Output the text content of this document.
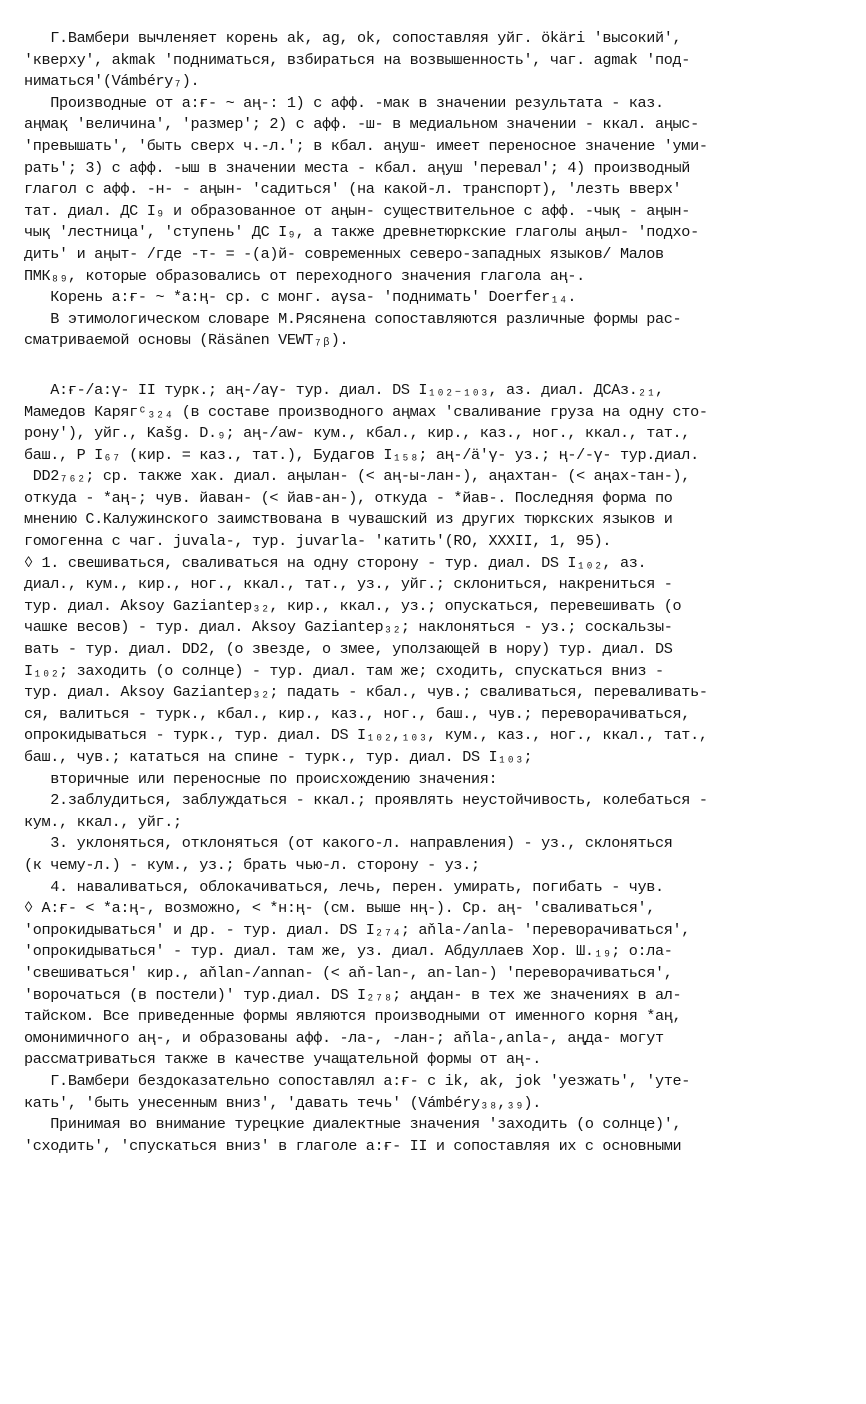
Г.Вамбери вычленяет корень ak, ag, ok, сопоставляя уйг. ökäri 'высокий',
'кверху', akmak 'подниматься, взбираться на возвышенность', чаг. agmak 'под-
ниматься'(Vámbéry₇).
Производные от а:ғ- ~ аң-: 1) с афф. -мак в значении результата - каз.
аңмақ 'величина', 'размер'; 2) с афф. -ш- в медиальном значении - ккал. аңыс-
'превышать', 'быть сверх ч.-л.'; в кбал. аңуш- имеет переносное значение 'уми-
рать'; 3) с афф. -ыш в значении места - кбал. аңуш 'перевал'; 4) производный
глагол с афф. -н- - аңын- 'садиться' (на какой-л. транспорт), 'лезть вверх'
тат. диал. ДС I₉ и образованное от аңын- существительное с афф. -чық - аңын-
чық 'лестница', 'ступень' ДС I₉, а также древнетюркские глаголы аңыл- 'подхо-
дить' и аңыт- /где -т- = -(а)й- современных северо-западных языков/ Малов
ПМК₈₉, которые образовались от переходного значения глагола аң-.
Корень а:ғ- ~ *а:ң- ср. с монг. aγsa- 'поднимать' Doerfer₁₄.
В этимологическом словаре М.Рясянена сопоставляются различные формы рас-
сматриваемой основы (Räsänen VEWT₇ᵦ).
А:ғ-/а:γ- II турк.; аң-/аγ- тур. диал. DS I₁₀₂₋₁₀₃, аз. диал. ДСАз.₂₁,
Мамедов Карягᶜ₃₂₄ (в составе производного аңмах 'сваливание груза на одну сто-
рону'), уйг., Kašg. D.₉; аң-/aw- кум., кбал., кир., каз., ног., ккал., тат.,
баш., Р I₆₇ (кир. = каз., тат.), Будагов I₁₅₈; аң-/ä'γ- уз.; ң-/-γ- тур.диал.
DD2₇₆₂; ср. также хак. диал. аңылан- (< аң-ы-лан-), аңахтан- (< аңах-тан-),
откуда - *аң-; чув. йаван- (< йав-ан-), откуда - *йав-. Последняя форма по
мнению С.Калужинского заимствована в чувашский из других тюркских языков и
гомогенна с чаг. juvala-, тур. juvarla- 'катить'(RO, XXXII, 1, 95).
◊ 1. свешиваться, сваливаться на одну сторону - тур. диал. DS I₁₀₂, аз.
диал., кум., кир., ног., ккал., тат., уз., уйг.; склониться, накрениться -
тур. диал. Aksoy Gaziantep₃₂, кир., ккал., уз.; опускаться, перевешивать (о
чашке весов) - тур. диал. Aksoy Gaziantep₃₂; наклоняться - уз.; соскальзы-
вать - тур. диал. DD2, (о звезде, о змее, уползающей в нору) тур. диал. DS
I₁₀₂; заходить (о солнце) - тур. диал. там же; сходить, спускаться вниз -
тур. диал. Aksoy Gaziantep₃₂; падать - кбал., чув.; сваливаться, переваливать-
ся, валиться - турк., кбал., кир., каз., ног., баш., чув.; переворачиваться,
опрокидываться - турк., тур. диал. DS I₁₀₂,₁₀₃, кум., каз., ног., ккал., тат.,
баш., чув.; кататься на спине - турк., тур. диал. DS I₁₀₃;
вторичные или переносные по происхождению значения:
2.заблудиться, заблуждаться - ккал.; проявлять неустойчивость, колебаться -
кум., ккал., уйг.;
3. уклоняться, отклоняться (от какого-л. направления) - уз., склоняться
(к чему-л.) - кум., уз.; брать чью-л. сторону - уз.;
4. наваливаться, облокачиваться, лечь, перен. умирать, погибать - чув.
◊ А:ғ- < *а:ң-, возможно, < *н:ң- (см. выше нң-). Ср. аң- 'сваливаться',
'опрокидываться' и др. - тур. диал. DS I₂₇₄; aňla-/anla- 'переворачиваться',
'опрокидываться' - тур. диал. там же, уз. диал. Абдуллаев Хор. Ш.₁₉; о:ла-
'свешиваться' кир., aňlan-/annan- (< aň-lan-, an-lan-) 'переворачиваться',
'ворочаться (в постели)' тур.диал. DS I₂₇₈; аңдан- в тех же значениях в ал-
тайском. Все приведенные формы являются производными от именного корня *аң,
омонимичного аң-, и образованы афф. -ла-, -лан-; aňla-,anla-, аңда- могут
рассматриваться также в качестве учащательной формы от аң-.
Г.Вамбери бездоказательно сопоставлял а:ғ- с ik, ak, jok 'уезжать', 'уте-
кать', 'быть унесенным вниз', 'давать течь' (Vámbéry₃₈,₃₉).
Принимая во внимание турецкие диалектные значения 'заходить (о солнце)',
'сходить', 'спускаться вниз' в глаголе а:ғ- II и сопоставляя их с основными
